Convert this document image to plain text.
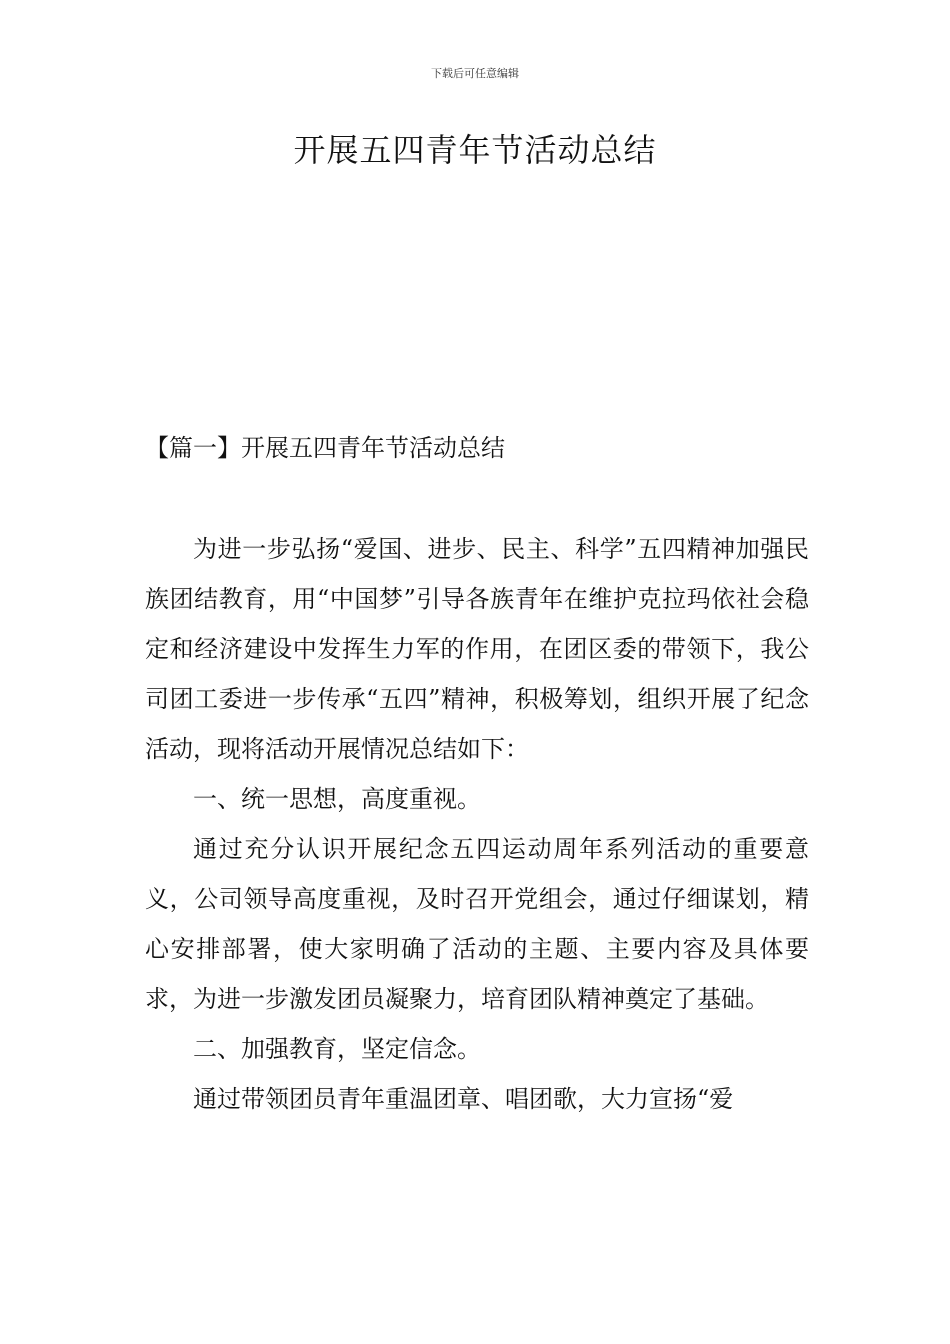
下载后可任意编辑
开展五四青年节活动总结
【篇一】开展五四青年节活动总结

为进一步弘扬“爱国、进步、民主、科学”五四精神加强民族团结教育，用“中国梦”引导各族青年在维护克拉玛依社会稳定和经济建设中发挥生力军的作用，在团区委的带领下，我公司团工委进一步传承“五四”精神，积极筹划，组织开展了纪念活动，现将活动开展情况总结如下：

一、统一思想，高度重视。

通过充分认识开展纪念五四运动周年系列活动的重要意义，公司领导高度重视，及时召开党组会，通过仔细谋划，精心安排部署，使大家明确了活动的主题、主要内容及具体要求，为进一步激发团员凝聚力，培育团队精神奠定了基础。

二、加强教育，坚定信念。

通过带领团员青年重温团章、唱团歌，大力宣扬“爱
